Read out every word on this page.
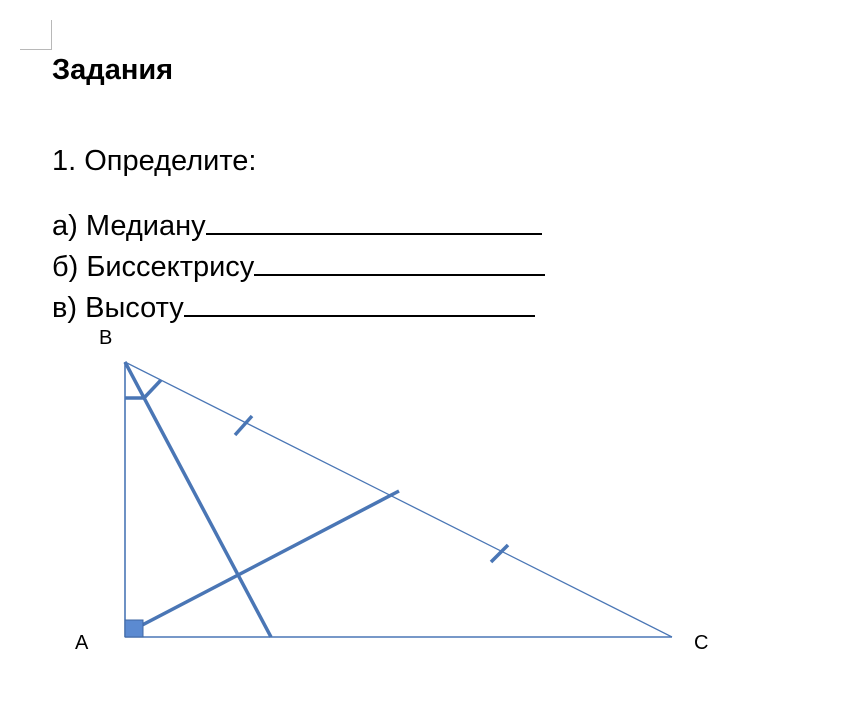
Задания
1. Определите:
а) Медиану
б) Биссектрису
в) Высоту
B
A	C
